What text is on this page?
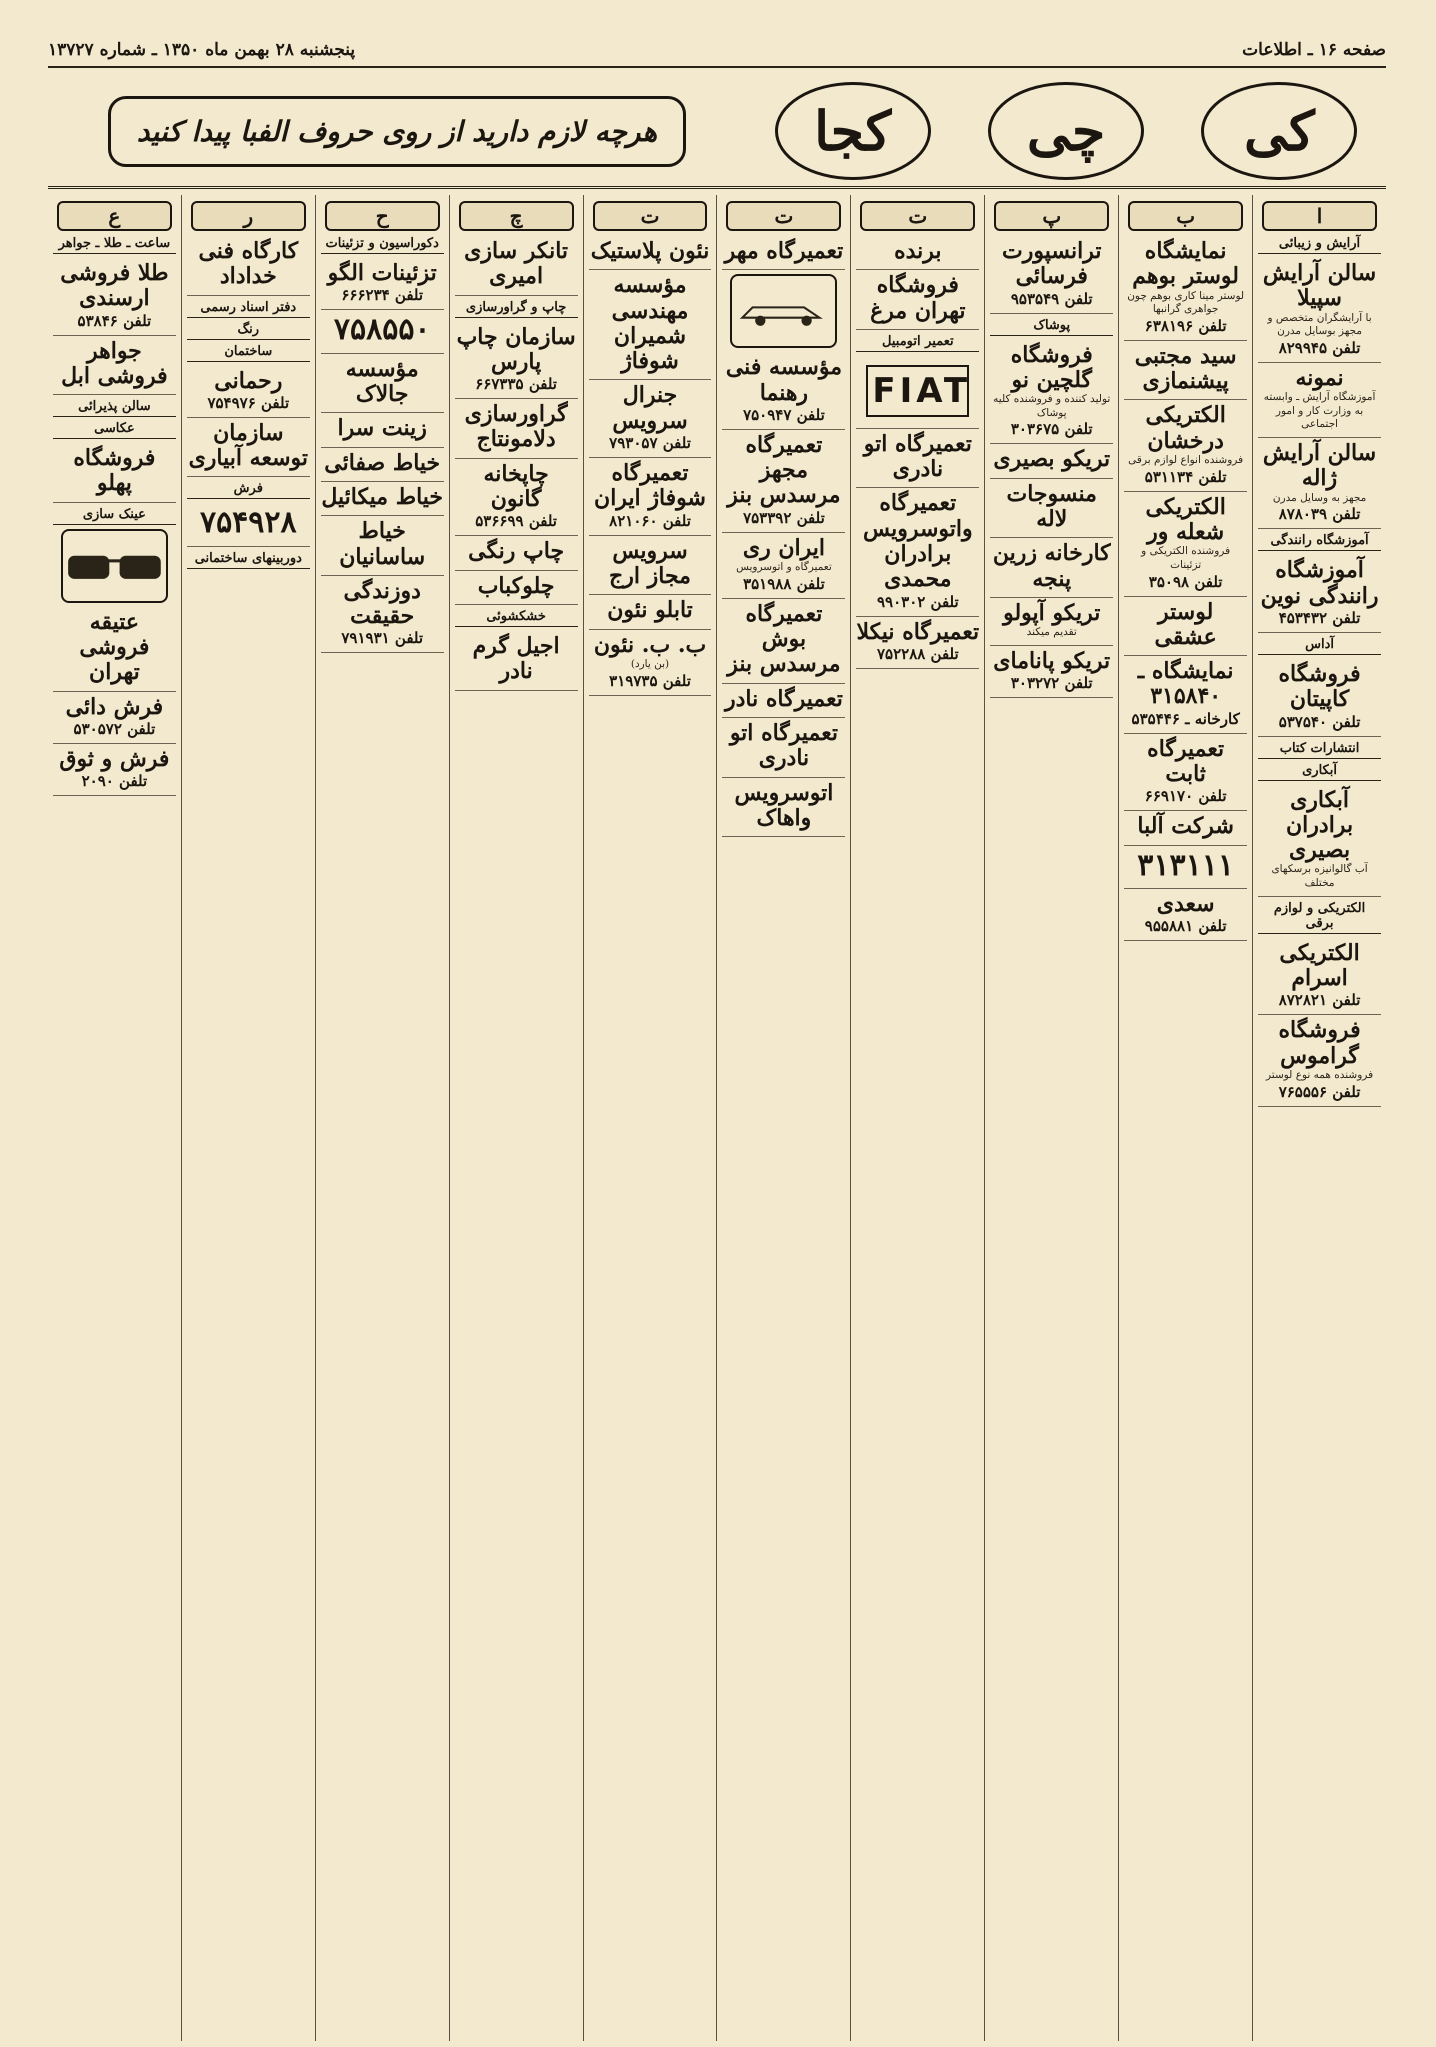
صفحه ۱۶ ـ اطلاعات
پنجشنبه ۲۸ بهمن ماه ۱۳۵۰ ـ شماره ۱۳۷۲۷
کی
چی
کجا
هرچه لازم دارید از روی حروف الفبا پیدا کنید
ا
آرایش و زیبائی
سالن آرایش سپیلا
با آرایشگران متخصص و مجهز بوسایل مدرن
تلفن ۸۲۹۹۴۵
نمونه
آموزشگاه آرایش ـ وابسته به وزارت کار و امور اجتماعی
سالن آرایش ژاله
مجهز به وسایل مدرن
تلفن ۸۷۸۰۳۹
آموزشگاه رانندگی
آموزشگاه رانندگی نوین
تلفن ۴۵۳۴۳۲
آداس
فروشگاه کاپیتان
تلفن ۵۳۷۵۴۰
انتشارات کتاب
آبکاری
آبکاری برادران بصیری
آب گالوانیزه برسکهای مختلف
الکتریکی و لوازم برقی
الکتریکی اسرام
تلفن ۸۷۲۸۲۱
فروشگاه گراموس
فروشنده همه نوع لوستر
تلفن ۷۶۵۵۵۶
ب
نمایشگاه لوستر بوهم
لوستر مینا کاری بوهم چون جواهری گرانبها
تلفن ۶۳۸۱۹۶
سید مجتبی پیشنمازی
الکتریکی درخشان
فروشنده انواع لوازم برقی
تلفن ۵۳۱۱۳۴
الکتریکی شعله ور
فروشنده الکتریکی و تزئینات
تلفن ۳۵۰۹۸
لوستر عشقی
نمایشگاه ـ ۳۱۵۸۴۰
کارخانه ـ ۵۳۵۴۴۶
تعمیرگاه ثابت
تلفن ۶۶۹۱۷۰
شرکت آلبا
۳۱۳۱۱۱
سعدی
تلفن ۹۵۵۸۸۱
پ
ترانسپورت فرسائی
تلفن ۹۵۳۵۴۹
پوشاک
فروشگاه گلچین نو
تولید کننده و فروشنده کلیه پوشاک
تلفن ۳۰۳۶۷۵
تریکو بصیری
منسوجات لاله
کارخانه زرین پنجه
تریکو آپولو
تقدیم میکند
تریکو پانامای
تلفن ۳۰۳۲۷۲
ت
برنده
فروشگاه تهران مرغ
تعمیر اتومبیل
FIAT
تعمیرگاه اتو نادری
تعمیرگاه واتوسرویس برادران محمدی
تلفن ۹۹۰۳۰۲
تعمیرگاه نیکلا
تلفن ۷۵۲۲۸۸
ت
تعمیرگاه مهر
مؤسسه فنی رهنما
تلفن ۷۵۰۹۴۷
تعمیرگاه مجهز مرسدس بنز
تلفن ۷۵۳۳۹۲
ایران ری
تعمیرگاه و اتوسرویس
تلفن ۳۵۱۹۸۸
تعمیرگاه بوش مرسدس بنز
تعمیرگاه نادر
تعمیرگاه اتو نادری
اتوسرویس واهاک
ت
نئون پلاستیک
مؤسسه مهندسی شمیران شوفاژ
جنرال سرویس
تلفن ۷۹۳۰۵۷
تعمیرگاه شوفاژ ایران
تلفن ۸۲۱۰۶۰
سرویس مجاز ارج
تابلو نئون
ب. ب. نئون
(بن یارد)
تلفن ۳۱۹۷۳۵
چ
تانکر سازی امیری
چاپ و گراورسازی
سازمان چاپ پارس
تلفن ۶۶۷۳۳۵
گراورسازی دلامونتاج
چاپخانه گانون
تلفن ۵۳۶۶۹۹
چاپ رنگی
چلوکباب
خشکشوئی
اجیل گرم نادر
ح
دکوراسیون و تزئینات
تزئینات الگو
تلفن ۶۶۶۲۳۴
۷۵۸۵۵۰
مؤسسه جالاک
زینت سرا
خیاط صفائی
خیاط میکائیل
خیاط ساسانیان
دوزندگی حقیقت
تلفن ۷۹۱۹۳۱
ر
کارگاه فنی خداداد
دفتر اسناد رسمی
رنگ
ساختمان
رحمانی
تلفن ۷۵۴۹۷۶
سازمان توسعه آبیاری
فرش
۷۵۴۹۲۸
دوربینهای ساختمانی
ع
ساعت ـ طلا ـ جواهر
طلا فروشی ارسندی
تلفن ۵۳۸۴۶
جواهر فروشی ابل
سالن پذیرائی
عکاسی
فروشگاه پهلو
عینک سازی
عتیقه فروشی تهران
فرش دائی
تلفن ۵۳۰۵۷۲
فرش و ثوق
تلفن ۲۰۹۰
